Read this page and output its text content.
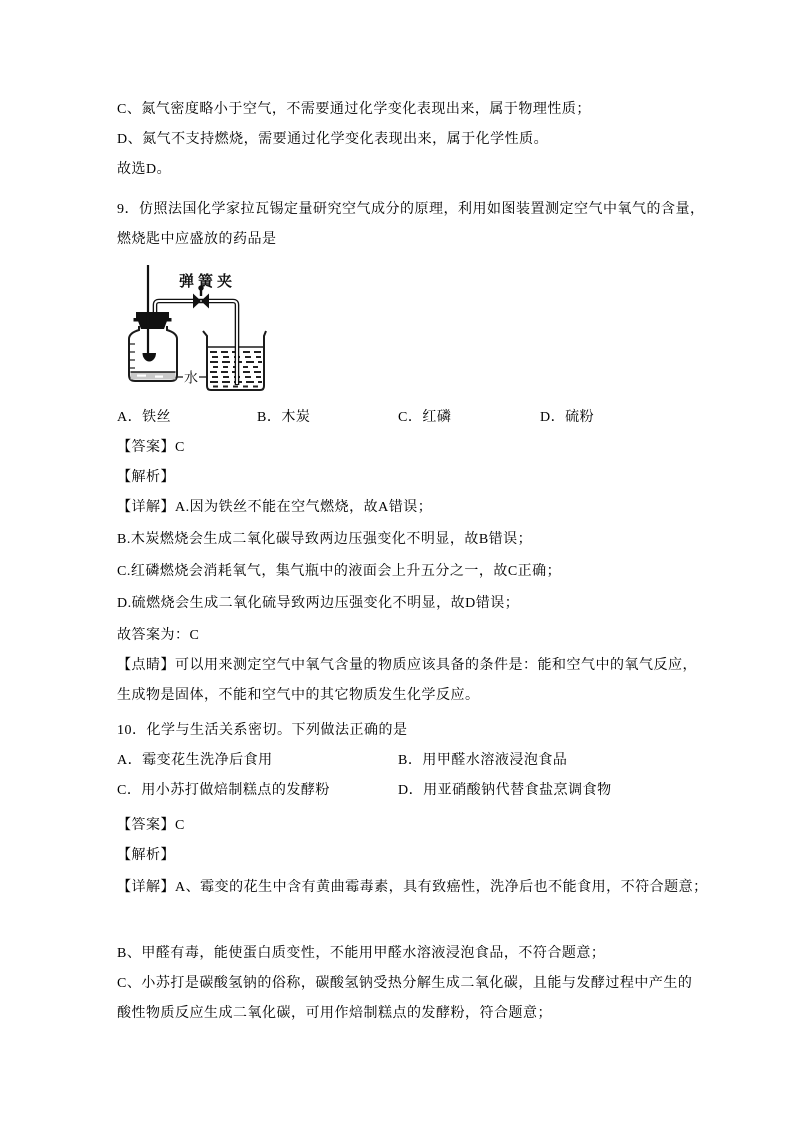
C、氮气密度略小于空气，不需要通过化学变化表现出来，属于物理性质；

D、氮气不支持燃烧，需要通过化学变化表现出来，属于化学性质。

故选D。

9．仿照法国化学家拉瓦锡定量研究空气成分的原理，利用如图装置测定空气中氧气的含量，

燃烧匙中应盛放的药品是

弹簧夹
水
A．铁丝	B．木炭	C．红磷	D．硫粉

【答案】C

【解析】

【详解】A.因为铁丝不能在空气燃烧，故A错误；

B.木炭燃烧会生成二氧化碳导致两边压强变化不明显，故B错误；

C.红磷燃烧会消耗氧气，集气瓶中的液面会上升五分之一，故C正确；

D.硫燃烧会生成二氧化硫导致两边压强变化不明显，故D错误；

故答案为：C

【点睛】可以用来测定空气中氧气含量的物质应该具备的条件是：能和空气中的氧气反应，

生成物是固体，不能和空气中的其它物质发生化学反应。

10．化学与生活关系密切。下列做法正确的是

A．霉变花生洗净后食用	B．用甲醛水溶液浸泡食品
C．用小苏打做焙制糕点的发酵粉	D．用亚硝酸钠代替食盐烹调食物

【答案】C

【解析】

【详解】A、霉变的花生中含有黄曲霉毒素，具有致癌性，洗净后也不能食用，不符合题意；

B、甲醛有毒，能使蛋白质变性，不能用甲醛水溶液浸泡食品，不符合题意；

C、小苏打是碳酸氢钠的俗称，碳酸氢钠受热分解生成二氧化碳，且能与发酵过程中产生的

酸性物质反应生成二氧化碳，可用作焙制糕点的发酵粉，符合题意；
